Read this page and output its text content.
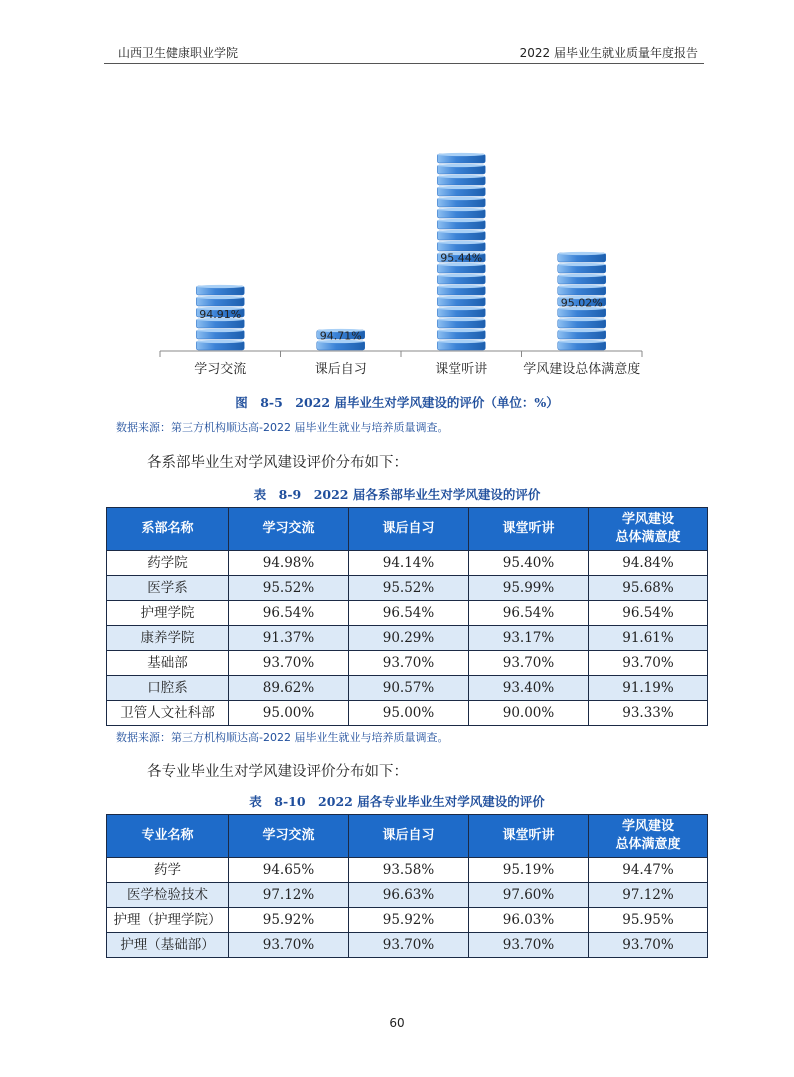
山西卫生健康职业学院	2022 届毕业生就业质量年度报告
94.91%
学习交流
94.71%
课后自习
95.44%
课堂听讲
95.02%
学风建设总体满意度
图　8-5　2022 届毕业生对学风建设的评价（单位：%）
数据来源：第三方机构顺达高-2022 届毕业生就业与培养质量调查。
各系部毕业生对学风建设评价分布如下：
表　8-9　2022 届各系部毕业生对学风建设的评价
系部名称	学习交流	课后自习	课堂听讲	学风建设
总体满意度
药学院	94.98%	94.14%	95.40%	94.84%
医学系	95.52%	95.52%	95.99%	95.68%
护理学院	96.54%	96.54%	96.54%	96.54%
康养学院	91.37%	90.29%	93.17%	91.61%
基础部	93.70%	93.70%	93.70%	93.70%
口腔系	89.62%	90.57%	93.40%	91.19%
卫管人文社科部	95.00%	95.00%	90.00%	93.33%
数据来源：第三方机构顺达高-2022 届毕业生就业与培养质量调查。
各专业毕业生对学风建设评价分布如下：
表　8-10　2022 届各专业毕业生对学风建设的评价
专业名称	学习交流	课后自习	课堂听讲	学风建设
总体满意度
药学	94.65%	93.58%	95.19%	94.47%
医学检验技术	97.12%	96.63%	97.60%	97.12%
护理（护理学院）	95.92%	95.92%	96.03%	95.95%
护理（基础部）	93.70%	93.70%	93.70%	93.70%
60
